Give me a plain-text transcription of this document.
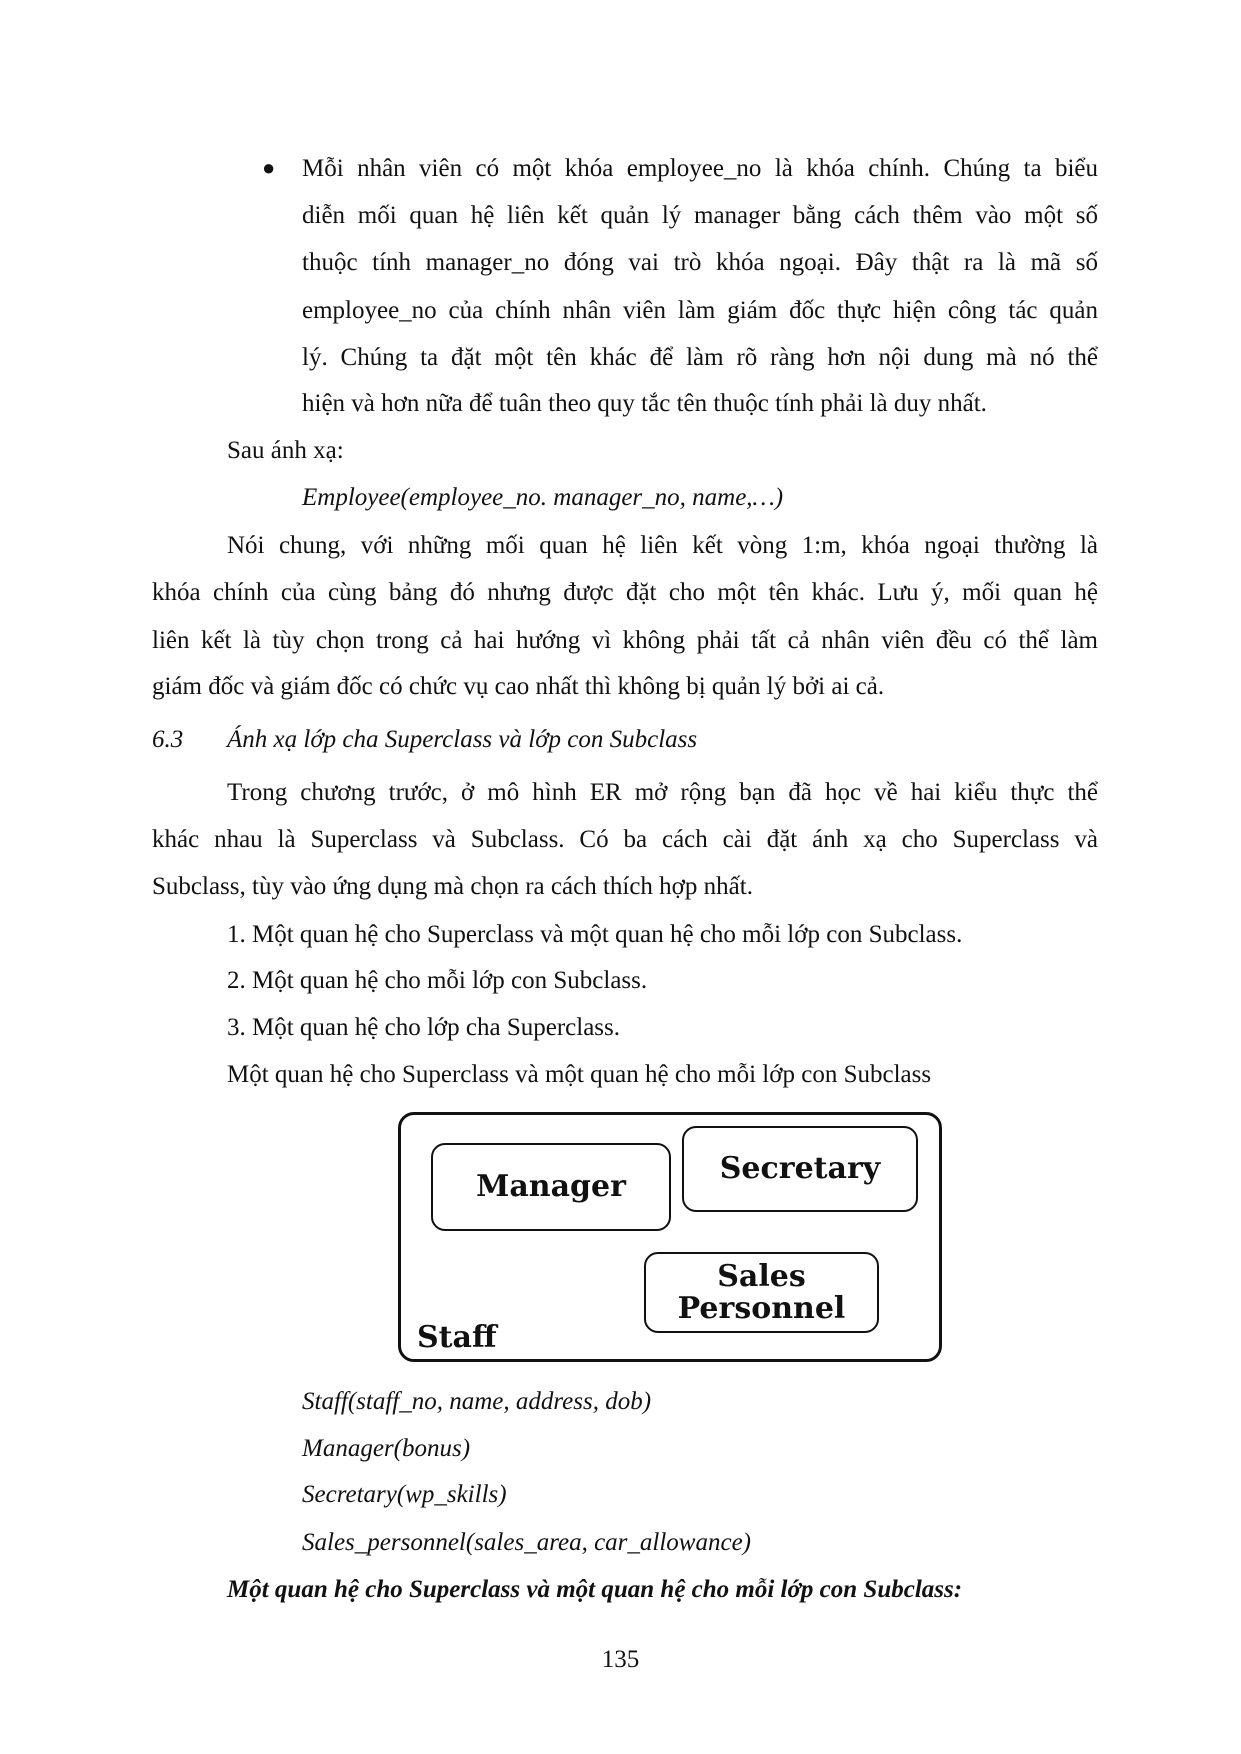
● Mỗi nhân viên có một khóa employee_no là khóa chính. Chúng ta biểu
diễn mối quan hệ liên kết quản lý manager bằng cách thêm vào một số
thuộc tính manager_no đóng vai trò khóa ngoại. Đây thật ra là mã số
employee_no của chính nhân viên làm giám đốc thực hiện công tác quản
lý. Chúng ta đặt một tên khác để làm rõ ràng hơn nội dung mà nó thể
hiện và hơn nữa để tuân theo quy tắc tên thuộc tính phải là duy nhất.
Sau ánh xạ:
Employee(employee_no. manager_no, name,…)
Nói chung, với những mối quan hệ liên kết vòng 1:m, khóa ngoại thường là
khóa chính của cùng bảng đó nhưng được đặt cho một tên khác. Lưu ý, mối quan hệ
liên kết là tùy chọn trong cả hai hướng vì không phải tất cả nhân viên đều có thể làm
giám đốc và giám đốc có chức vụ cao nhất thì không bị quản lý bởi ai cả.
6.3 Ánh xạ lớp cha Superclass và lớp con Subclass
Trong chương trước, ở mô hình ER mở rộng bạn đã học về hai kiểu thực thể
khác nhau là Superclass và Subclass. Có ba cách cài đặt ánh xạ cho Superclass và
Subclass, tùy vào ứng dụng mà chọn ra cách thích hợp nhất.
1. Một quan hệ cho Superclass và một quan hệ cho mỗi lớp con Subclass.
2. Một quan hệ cho mỗi lớp con Subclass.
3. Một quan hệ cho lớp cha Superclass.
Một quan hệ cho Superclass và một quan hệ cho mỗi lớp con Subclass
Manager
Secretary
Sales
Personnel
Staff
Staff(staff_no, name, address, dob)
Manager(bonus)
Secretary(wp_skills)
Sales_personnel(sales_area, car_allowance)
Một quan hệ cho Superclass và một quan hệ cho mỗi lớp con Subclass:
135
